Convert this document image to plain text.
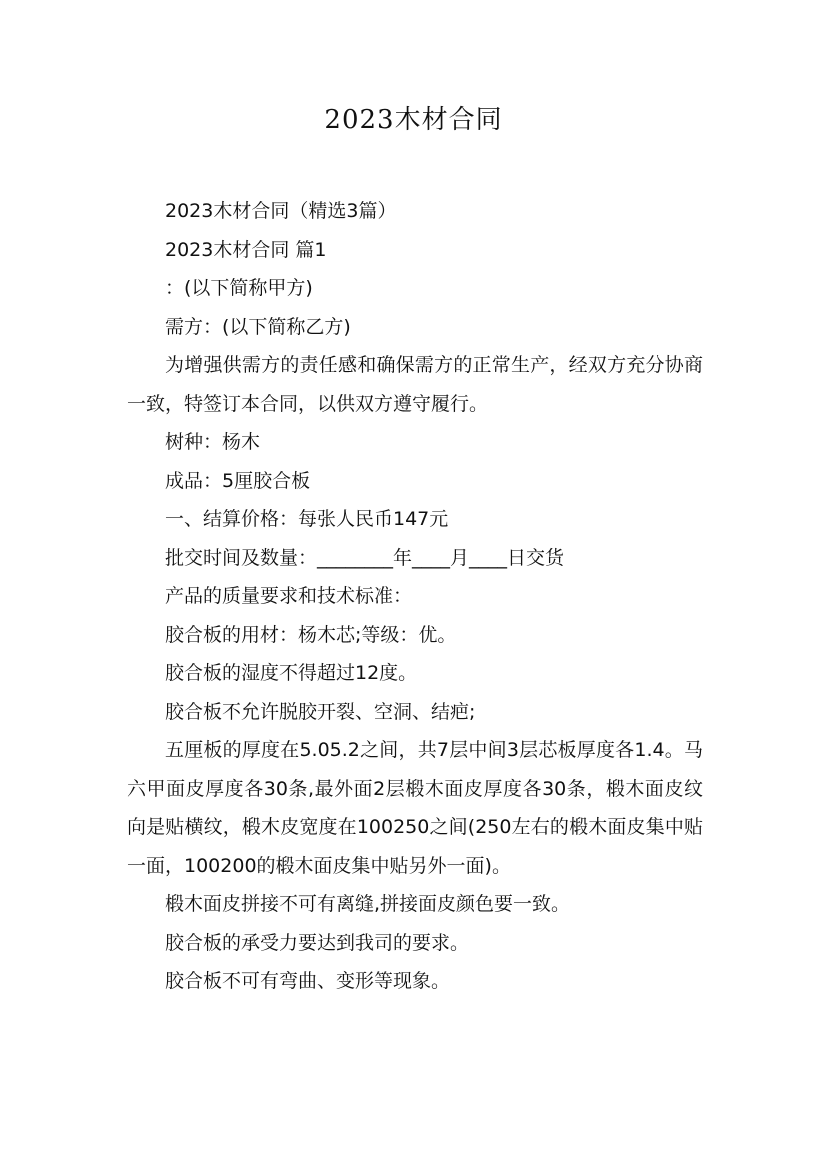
2023木材合同

2023木材合同（精选3篇）

2023木材合同 篇1

：(以下简称甲方)

需方：(以下简称乙方)

为增强供需方的责任感和确保需方的正常生产，经双方充分协商一致，特签订本合同，以供双方遵守履行。

树种：杨木

成品：5厘胶合板

一、结算价格：每张人民币147元

批交时间及数量：________年____月____日交货

产品的质量要求和技术标准：

胶合板的用材：杨木芯;等级：优。

胶合板的湿度不得超过12度。

胶合板不允许脱胶开裂、空洞、结疤;

五厘板的厚度在5.05.2之间，共7层中间3层芯板厚度各1.4。马六甲面皮厚度各30条,最外面2层椴木面皮厚度各30条，椴木面皮纹向是贴横纹，椴木皮宽度在100250之间(250左右的椴木面皮集中贴一面，100200的椴木面皮集中贴另外一面)。

椴木面皮拼接不可有离缝,拼接面皮颜色要一致。

胶合板的承受力要达到我司的要求。

胶合板不可有弯曲、变形等现象。
